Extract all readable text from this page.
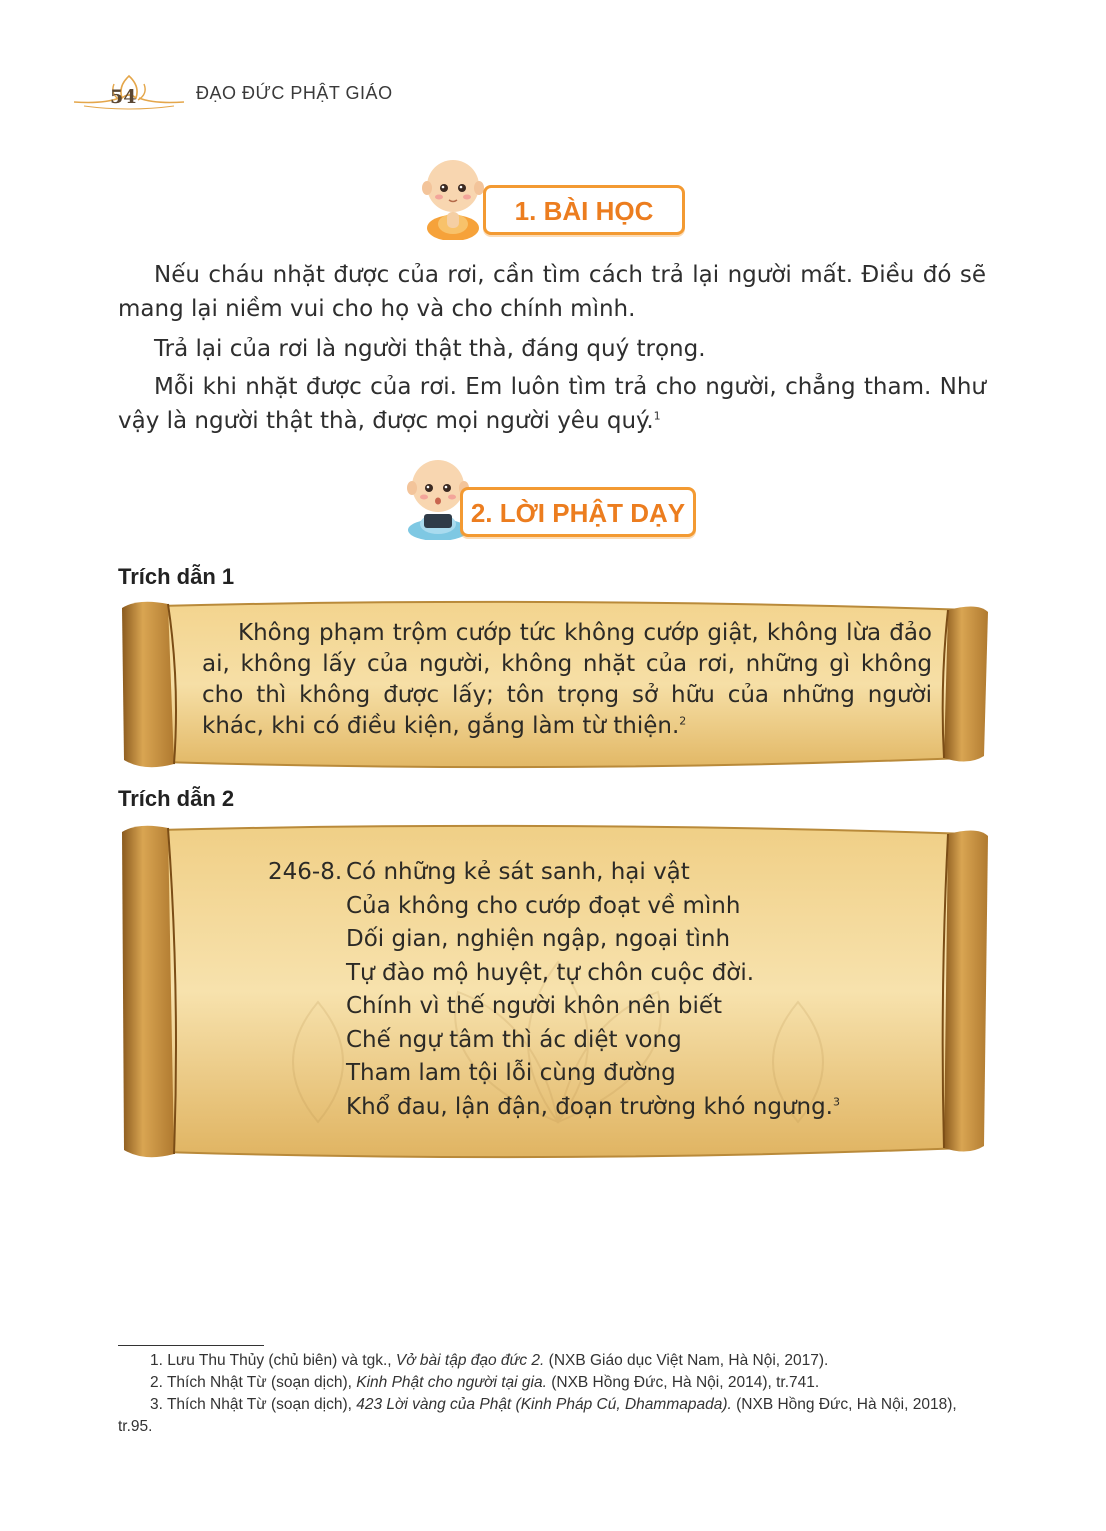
54	ĐẠO ĐỨC PHẬT GIÁO
1. BÀI HỌC
Nếu cháu nhặt được của rơi, cần tìm cách trả lại người mất. Điều đó sẽ mang lại niềm vui cho họ và cho chính mình.
Trả lại của rơi là người thật thà, đáng quý trọng.
Mỗi khi nhặt được của rơi. Em luôn tìm trả cho người, chẳng tham. Như vậy là người thật thà, được mọi người yêu quý.$^1$
2. LỜI PHẬT DẠY
Trích dẫn 1
Không phạm trộm cướp tức không cướp giật, không lừa đảo ai, không lấy của người, không nhặt của rơi, những gì không cho thì không được lấy; tôn trọng sở hữu của những người khác, khi có điều kiện, gắng làm từ thiện.$^2$
Trích dẫn 2
246-8. Có những kẻ sát sanh, hại vật
Của không cho cướp đoạt về mình
Dối gian, nghiện ngập, ngoại tình
Tự đào mộ huyệt, tự chôn cuộc đời.
Chính vì thế người khôn nên biết
Chế ngự tâm thì ác diệt vong
Tham lam tội lỗi cùng đường
Khổ đau, lận đận, đoạn trường khó ngưng.$^3$
1. Lưu Thu Thủy (chủ biên) và tgk., Vở bài tập đạo đức 2. (NXB Giáo dục Việt Nam, Hà Nội, 2017).
2. Thích Nhật Từ (soạn dịch), Kinh Phật cho người tại gia. (NXB Hồng Đức, Hà Nội, 2014), tr.741.
3. Thích Nhật Từ (soạn dịch), 423 Lời vàng của Phật (Kinh Pháp Cú, Dhammapada). (NXB Hồng Đức, Hà Nội, 2018), tr.95.
